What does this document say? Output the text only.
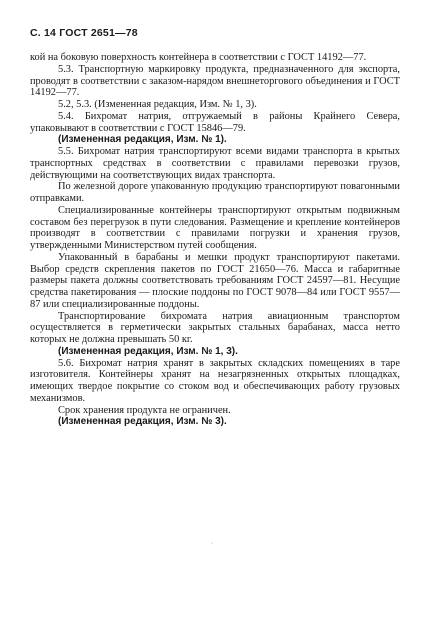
С. 14 ГОСТ 2651—78

кой на боковую поверхность контейнера в соответствии с ГОСТ 14192—77.

5.3. Транспортную маркировку продукта, предназначенного для экспорта, проводят в соответствии с заказом-нарядом внешнеторгового объединения и ГОСТ 14192—77.

5.2, 5.3. (Измененная редакция, Изм. № 1, 3).

5.4. Бихромат натрия, отгружаемый в районы Крайнего Севера, упаковывают в соответствии с ГОСТ 15846—79.

(Измененная редакция, Изм. № 1).

5.5. Бихромат натрия транспортируют всеми видами транспорта в крытых транспортных средствах в соответствии с правилами перевозки грузов, действующими на соответствующих видах транспорта.

По железной дороге упакованную продукцию транспортируют повагонными отправками.

Специализированные контейнеры транспортируют открытым подвижным составом без перегрузок в пути следования. Размещение и крепление контейнеров производят в соответствии с правилами погрузки и хранения грузов, утвержденными Министерством путей сообщения.

Упакованный в барабаны и мешки продукт транспортируют пакетами. Выбор средств скрепления пакетов по ГОСТ 21650—76. Масса и габаритные размеры пакета должны соответствовать требованиям ГОСТ 24597—81. Несущие средства пакетирования — плоские поддоны по ГОСТ 9078—84 или ГОСТ 9557—87 или специализированные поддоны.

Транспортирование бихромата натрия авиационным транспортом осуществляется в герметически закрытых стальных барабанах, масса нетто которых не должна превышать 50 кг.

(Измененная редакция, Изм. № 1, 3).

5.6. Бихромат натрия хранят в закрытых складских помещениях в таре изготовителя. Контейнеры хранят на незагрязненных открытых площадках, имеющих твердое покрытие со стоком вод и обеспечивающих работу грузовых механизмов.

Срок хранения продукта не ограничен.

(Измененная редакция, Изм. № 3).

·
